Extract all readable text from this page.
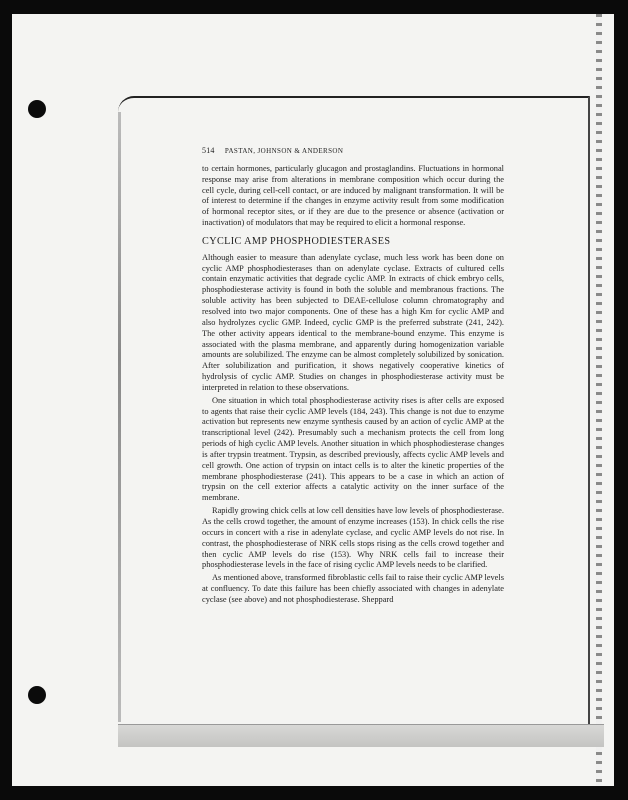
514 PASTAN, JOHNSON & ANDERSON

to certain hormones, particularly glucagon and prostaglandins. Fluctuations in hormonal response may arise from alterations in membrane composition which occur during the cell cycle, during cell-cell contact, or are induced by malignant transformation. It will be of interest to determine if the changes in enzyme activity result from some modification of hormonal receptor sites, or if they are due to the presence or absence (activation or inactivation) of modulators that may be required to elicit a hormonal response.

CYCLIC AMP PHOSPHODIESTERASES

Although easier to measure than adenylate cyclase, much less work has been done on cyclic AMP phosphodiesterases than on adenylate cyclase. Extracts of cultured cells contain enzymatic activities that degrade cyclic AMP. In extracts of chick embryo cells, phosphodiesterase activity is found in both the soluble and membranous fractions. The soluble activity has been subjected to DEAE-cellulose column chromatography and resolved into two major components. One of these has a high Km for cyclic AMP and also hydrolyzes cyclic GMP. Indeed, cyclic GMP is the preferred substrate (241, 242). The other activity appears identical to the membrane-bound enzyme. This enzyme is associated with the plasma membrane, and apparently during homogenization variable amounts are solubilized. The enzyme can be almost completely solubilized by sonication. After solubilization and purification, it shows negatively cooperative kinetics of hydrolysis of cyclic AMP. Studies on changes in phosphodiesterase activity must be interpreted in relation to these observations.

One situation in which total phosphodiesterase activity rises is after cells are exposed to agents that raise their cyclic AMP levels (184, 243). This change is not due to enzyme activation but represents new enzyme synthesis caused by an action of cyclic AMP at the transcriptional level (242). Presumably such a mechanism protects the cell from long periods of high cyclic AMP levels. Another situation in which phosphodiesterase changes is after trypsin treatment. Trypsin, as described previously, affects cyclic AMP levels and cell growth. One action of trypsin on intact cells is to alter the kinetic properties of the membrane phosphodiesterase (241). This appears to be a case in which an action of trypsin on the cell exterior affects a catalytic activity on the inner surface of the membrane.

Rapidly growing chick cells at low cell densities have low levels of phosphodiesterase. As the cells crowd together, the amount of enzyme increases (153). In chick cells the rise occurs in concert with a rise in adenylate cyclase, and cyclic AMP levels do not rise. In contrast, the phosphodiesterase of NRK cells stops rising as the cells crowd together and then cyclic AMP levels do rise (153). Why NRK cells fail to increase their phosphodiesterase levels in the face of rising cyclic AMP levels needs to be clarified.

As mentioned above, transformed fibroblastic cells fail to raise their cyclic AMP levels at confluency. To date this failure has been chiefly associated with changes in adenylate cyclase (see above) and not phosphodiesterase. Sheppard
